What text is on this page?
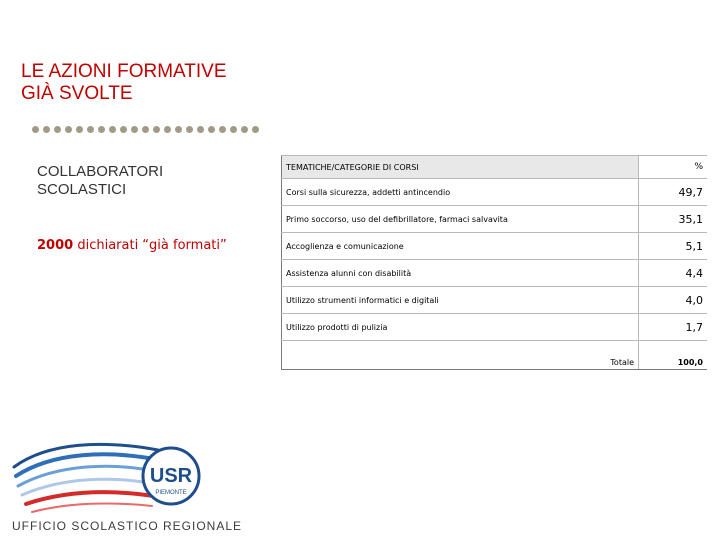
LE AZIONI FORMATIVE
GIÀ SVOLTE
COLLABORATORI
SCOLASTICI
2000 dichiarati “già formati”
TEMATICHE/CATEGORIE DI CORSI	%
Corsi sulla sicurezza, addetti antincendio	49,7
Primo soccorso, uso del defibrillatore, farmaci salvavita	35,1
Accoglienza e comunicazione	5,1
Assistenza alunni con disabilità	4,4
Utilizzo strumenti informatici e digitali	4,0
Utilizzo prodotti di pulizia	1,7
Totale	100,0
USR
PIEMONTE
UFFICIO SCOLASTICO REGIONALE
